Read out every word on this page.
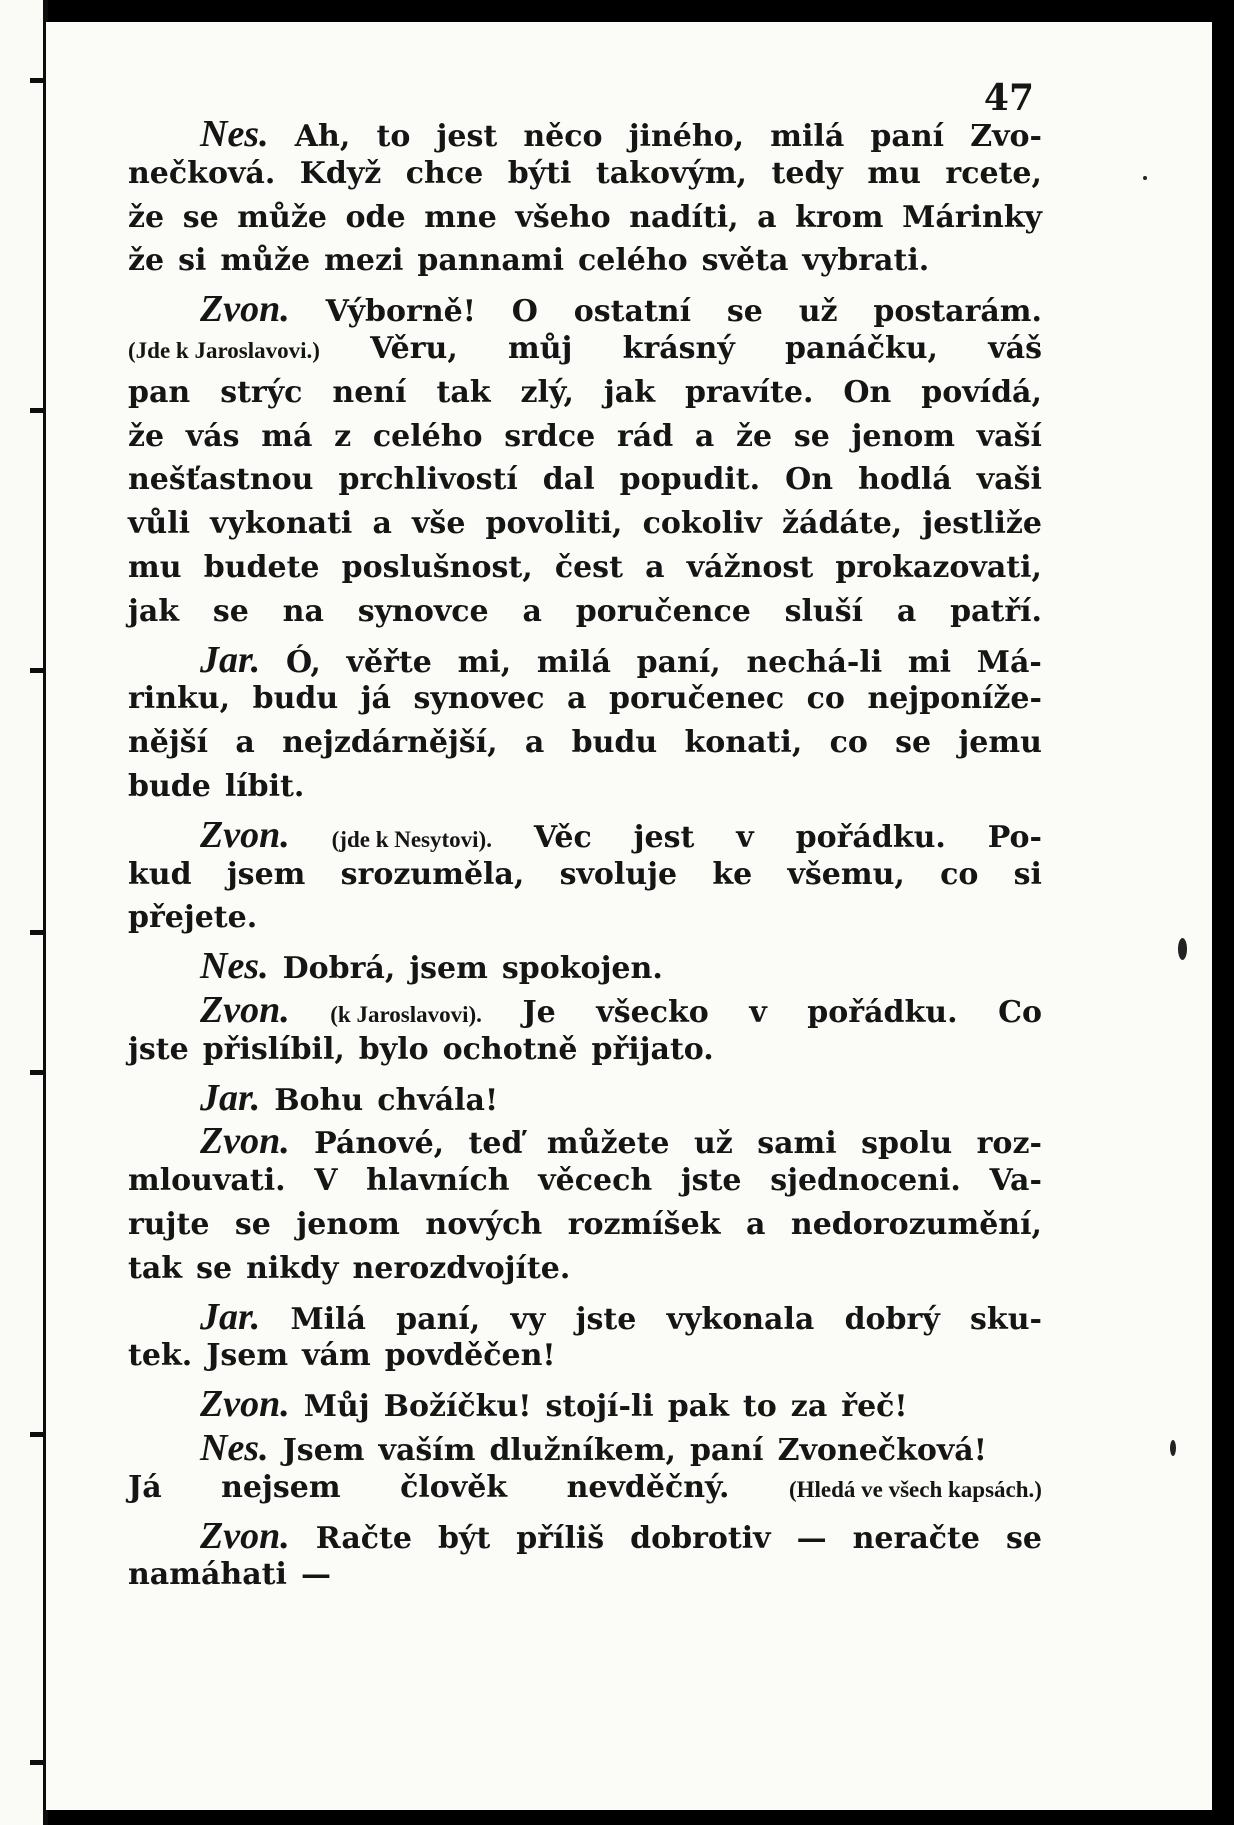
47
Nes. Ah, to jest něco jiného, milá paní Zvo-
nečková. Když chce býti takovým, tedy mu rcete,
že se může ode mne všeho nadíti, a krom Márinky
že si může mezi pannami celého světa vybrati.
Zvon. Výborně! O ostatní se už postarám.
(Jde k Jaroslavovi.) Věru, můj krásný panáčku, váš
pan strýc není tak zlý, jak pravíte. On povídá,
že vás má z celého srdce rád a že se jenom vaší
nešťastnou prchlivostí dal popudit. On hodlá vaši
vůli vykonati a vše povoliti, cokoliv žádáte, jestliže
mu budete poslušnost, čest a vážnost prokazovati,
jak se na synovce a poručence sluší a patří.
Jar. Ó, věřte mi, milá paní, nechá-li mi Má-
rinku, budu já synovec a poručenec co nejponíže-
nější a nejzdárnější, a budu konati, co se jemu
bude líbit.
Zvon. (jde k Nesytovi). Věc jest v pořádku. Po-
kud jsem srozuměla, svoluje ke všemu, co si
přejete.
Nes. Dobrá, jsem spokojen.
Zvon. (k Jaroslavovi). Je všecko v pořádku. Co
jste přislíbil, bylo ochotně přijato.
Jar. Bohu chvála!
Zvon. Pánové, teď můžete už sami spolu roz-
mlouvati. V hlavních věcech jste sjednoceni. Va-
rujte se jenom nových rozmíšek a nedorozumění,
tak se nikdy nerozdvojíte.
Jar. Milá paní, vy jste vykonala dobrý sku-
tek. Jsem vám povděčen!
Zvon. Můj Božíčku! stojí-li pak to za řeč!
Nes. Jsem vaším dlužníkem, paní Zvonečková!
Já nejsem člověk nevděčný.	(Hledá ve všech kapsách.)
Zvon. Račte být příliš dobrotiv — neračte se
namáhati —
